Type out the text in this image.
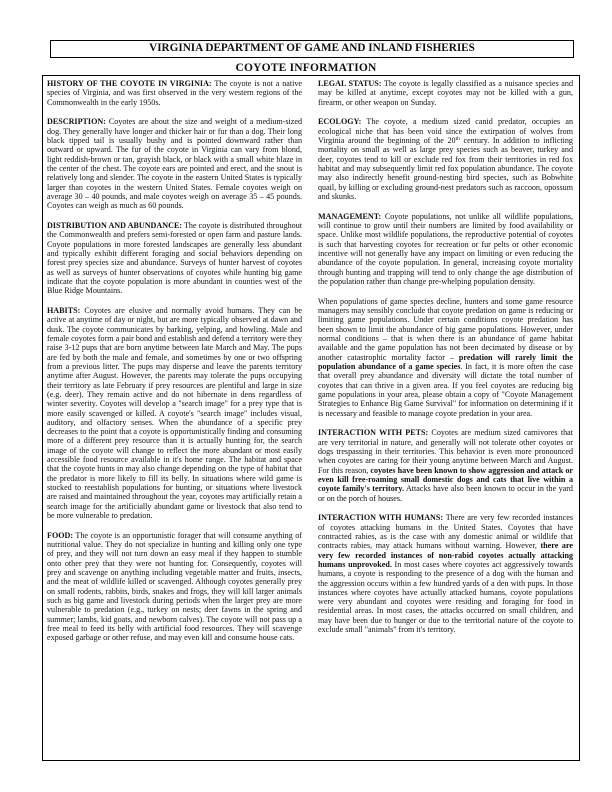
VIRGINIA DEPARTMENT OF GAME AND INLAND FISHERIES
COYOTE INFORMATION

HISTORY OF THE COYOTE IN VIRGINIA: The coyote is not a native species of Virginia, and was first observed in the very western regions of the Commonwealth in the early 1950s.

DESCRIPTION: Coyotes are about the size and weight of a medium-sized dog. They generally have longer and thicker hair or fur than a dog. Their long black tipped tail is usually bushy and is pointed downward rather than outward or upward. The fur of the coyote in Virginia can vary from blond, light reddish-brown or tan, grayish black, or black with a small white blaze in the center of the chest. The coyote ears are pointed and erect, and the snout is relatively long and slender. The coyote in the eastern United States is typically larger than coyotes in the western United States. Female coyotes weigh on average 30 – 40 pounds, and male coyotes weigh on average 35 – 45 pounds. Coyotes can weigh as much as 60 pounds.

DISTRIBUTION AND ABUNDANCE: The coyote is distributed throughout the Commonwealth and prefers semi-forested or open farm and pasture lands. Coyote populations in more forested landscapes are generally less abundant and typically exhibit different foraging and social behaviors depending on forest prey species size and abundance. Surveys of hunter harvest of coyotes as well as surveys of hunter observations of coyotes while hunting big game indicate that the coyote population is more abundant in counties west of the Blue Ridge Mountains.

HABITS: Coyotes are elusive and normally avoid humans. They can be active at anytime of day or night, but are more typically observed at dawn and dusk. The coyote communicates by barking, yelping, and howling. Male and female coyotes form a pair bond and establish and defend a territory were they raise 3-12 pups that are born anytime between late March and May. The pups are fed by both the male and female, and sometimes by one or two offspring from a previous litter. The pups may disperse and leave the parents territory anytime after August. However, the parents may tolerate the pups occupying their territory as late February if prey resources are plentiful and large in size (e.g. deer). They remain active and do not hibernate in dens regardless of winter severity. Coyotes will develop a "search image" for a prey type that is more easily scavenged or killed. A coyote's "search image" includes visual, auditory, and olfactory senses. When the abundance of a specific prey decreases to the point that a coyote is opportunistically finding and consuming more of a different prey resource than it is actually hunting for, the search image of the coyote will change to reflect the more abundant or most easily accessible food resource available in it's home range. The habitat and space that the coyote hunts in may also change depending on the type of habitat that the predator is more likely to fill its belly. In situations where wild game is stocked to reestablish populations for hunting, or situations where livestock are raised and maintained throughout the year, coyotes may artificially retain a search image for the artificially abundant game or livestock that also tend to be more vulnerable to predation.

FOOD: The coyote is an opportunistic forager that will consume anything of nutritional value. They do not specialize in hunting and killing only one type of prey, and they will not turn down an easy meal if they happen to stumble onto other prey that they were not hunting for. Consequently, coyotes will prey and scavenge on anything including vegetable matter and fruits, insects, and the meat of wildlife killed or scavenged. Although coyotes generally prey on small rodents, rabbits, birds, snakes and frogs, they will kill larger animals such as big game and livestock during periods when the larger prey are more vulnerable to predation (e.g., turkey on nests; deer fawns in the spring and summer; lambs, kid goats, and newborn calves). The coyote will not pass up a free meal to feed its belly with artificial food resources. They will scavenge exposed garbage or other refuse, and may even kill and consume house cats.

LEGAL STATUS: The coyote is legally classified as a nuisance species and may be killed at anytime, except coyotes may not be killed with a gun, firearm, or other weapon on Sunday.

ECOLOGY: The coyote, a medium sized canid predator, occupies an ecological niche that has been void since the extirpation of wolves from Virginia around the beginning of the 20th century. In addition to inflicting mortality on small as well as large prey species such as beaver, turkey and deer, coyotes tend to kill or exclude red fox from their territories in red fox habitat and may subsequently limit red fox population abundance. The coyote may also indirectly benefit ground-nesting bird species, such as Bobwhite quail, by killing or excluding ground-nest predators such as raccoon, opossum and skunks.

MANAGEMENT: Coyote populations, not unlike all wildlife populations, will continue to grow until their numbers are limited by food availability or space. Unlike most wildlife populations, the reproductive potential of coyotes is such that harvesting coyotes for recreation or fur pelts or other economic incentive will not generally have any impact on limiting or even reducing the abundance of the coyote population. In general, increasing coyote mortality through hunting and trapping will tend to only change the age distribution of the population rather than change pre-whelping population density.

When populations of game species decline, hunters and some game resource managers may sensibly conclude that coyote predation on game is reducing or limiting game populations. Under certain conditions coyote predation has been shown to limit the abundance of big game populations. However, under normal conditions – that is when there is an abundance of game habitat available and the game population has not been decimated by disease or by another catastrophic mortality factor – predation will rarely limit the population abundance of a game species. In fact, it is more often the case that overall prey abundance and diversity will dictate the total number of coyotes that can thrive in a given area. If you feel coyotes are reducing big game populations in your area, please obtain a copy of "Coyote Management Strategies to Enhance Big Game Survival" for information on determining if it is necessary and feasible to manage coyote predation in your area.

INTERACTION WITH PETS: Coyotes are medium sized carnivores that are very territorial in nature, and generally will not tolerate other coyotes or dogs trespassing in their territories. This behavior is even more pronounced when coyotes are caring for their young anytime between March and August. For this reason, coyotes have been known to show aggression and attack or even kill free-roaming small domestic dogs and cats that live within a coyote family's territory. Attacks have also been known to occur in the yard or on the porch of houses.

INTERACTION WITH HUMANS: There are very few recorded instances of coyotes attacking humans in the United States. Coyotes that have contracted rabies, as is the case with any domestic animal or wildlife that contracts rabies, may attack humans without warning. However, there are very few recorded instances of non-rabid coyotes actually attacking humans unprovoked. In most cases where coyotes act aggressively towards humans, a coyote is responding to the presence of a dog with the human and the aggression occurs within a few hundred yards of a den with pups. In those instances where coyotes have actually attacked humans, coyote populations were very abundant and coyotes were residing and foraging for food in residential areas. In most cases, the attacks occurred on small children, and may have been due to hunger or due to the territorial nature of the coyote to exclude small "animals" from it's territory.
